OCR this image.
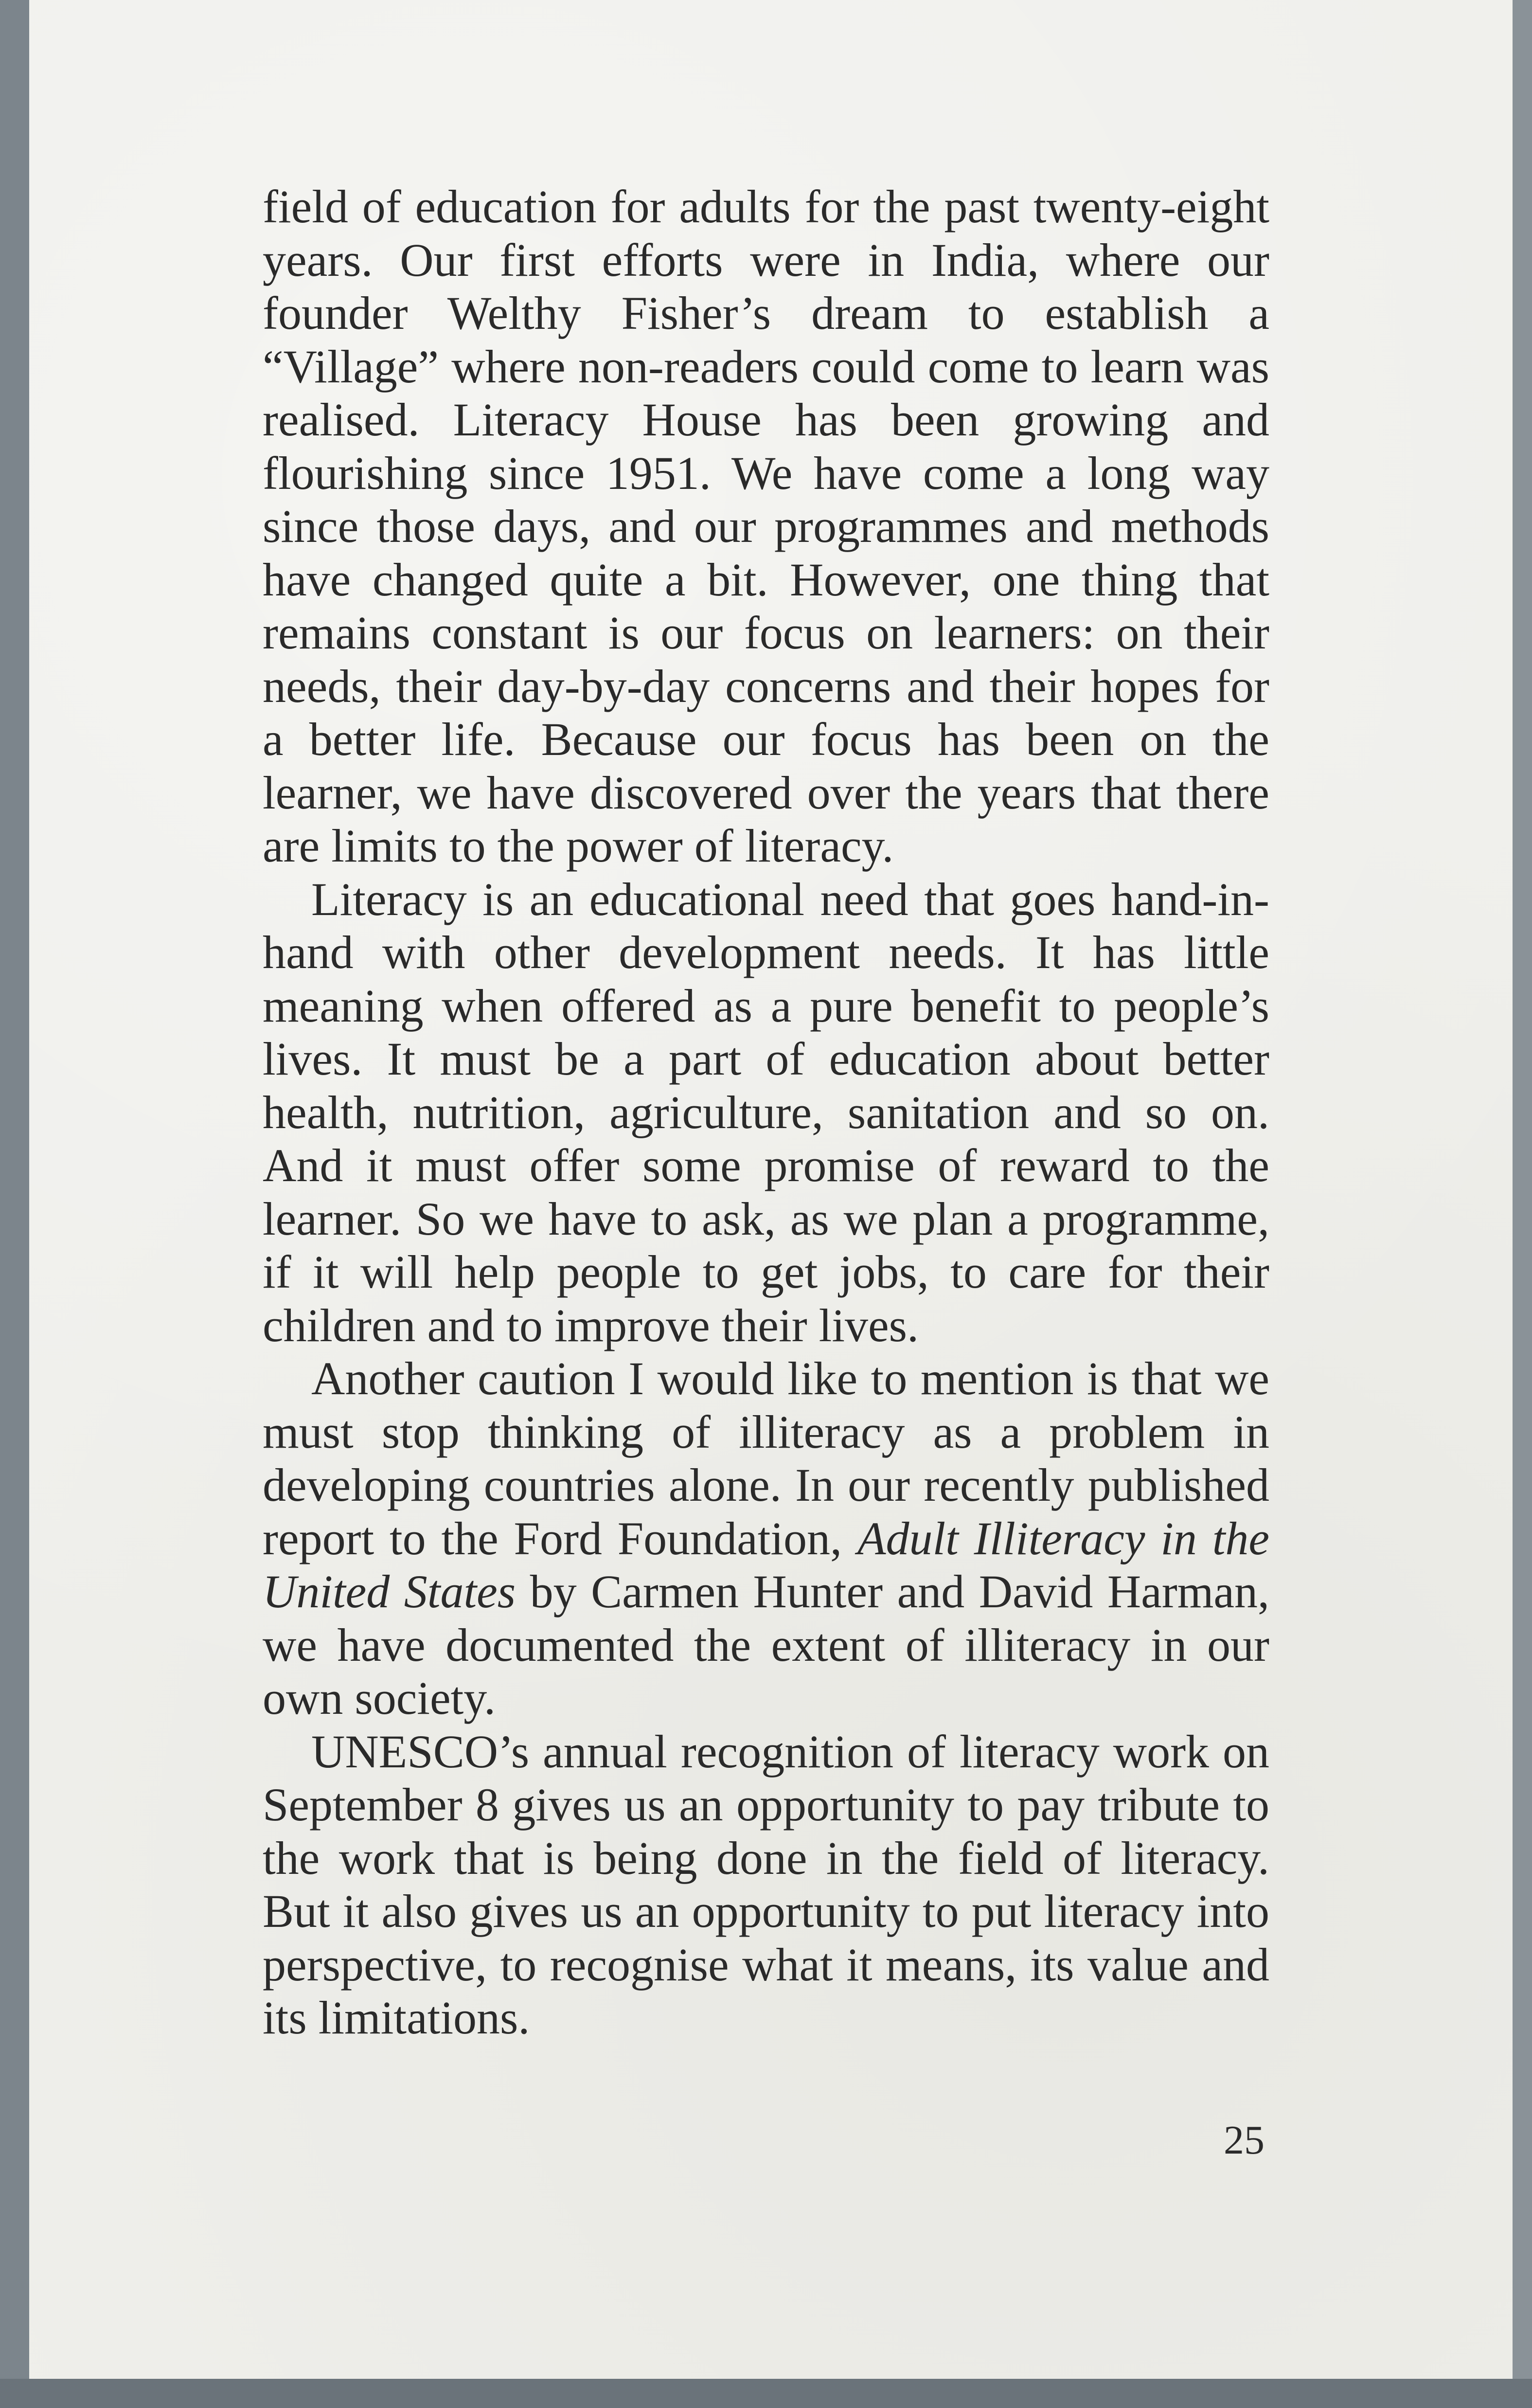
field of education for adults for the past twenty-eight years. Our first efforts were in India, where our founder Welthy Fisher’s dream to establish a “Village” where non-readers could come to learn was realised. Literacy House has been growing and flourishing since 1951. We have come a long way since those days, and our programmes and methods have changed quite a bit. However, one thing that remains constant is our focus on learners: on their needs, their day-by-day concerns and their hopes for a better life. Because our focus has been on the learner, we have discovered over the years that there are limits to the power of literacy.

Literacy is an educational need that goes hand-in-hand with other development needs. It has little meaning when offered as a pure benefit to people’s lives. It must be a part of education about better health, nutrition, agriculture, sanitation and so on. And it must offer some promise of reward to the learner. So we have to ask, as we plan a programme, if it will help people to get jobs, to care for their children and to improve their lives.

Another caution I would like to mention is that we must stop thinking of illiteracy as a problem in developing countries alone. In our recently published report to the Ford Foundation, Adult Illiteracy in the United States by Carmen Hunter and David Harman, we have documented the extent of illiteracy in our own society.

UNESCO’s annual recognition of literacy work on September 8 gives us an opportunity to pay tribute to the work that is being done in the field of literacy. But it also gives us an opportunity to put literacy into perspective, to recognise what it means, its value and its limitations.

25
